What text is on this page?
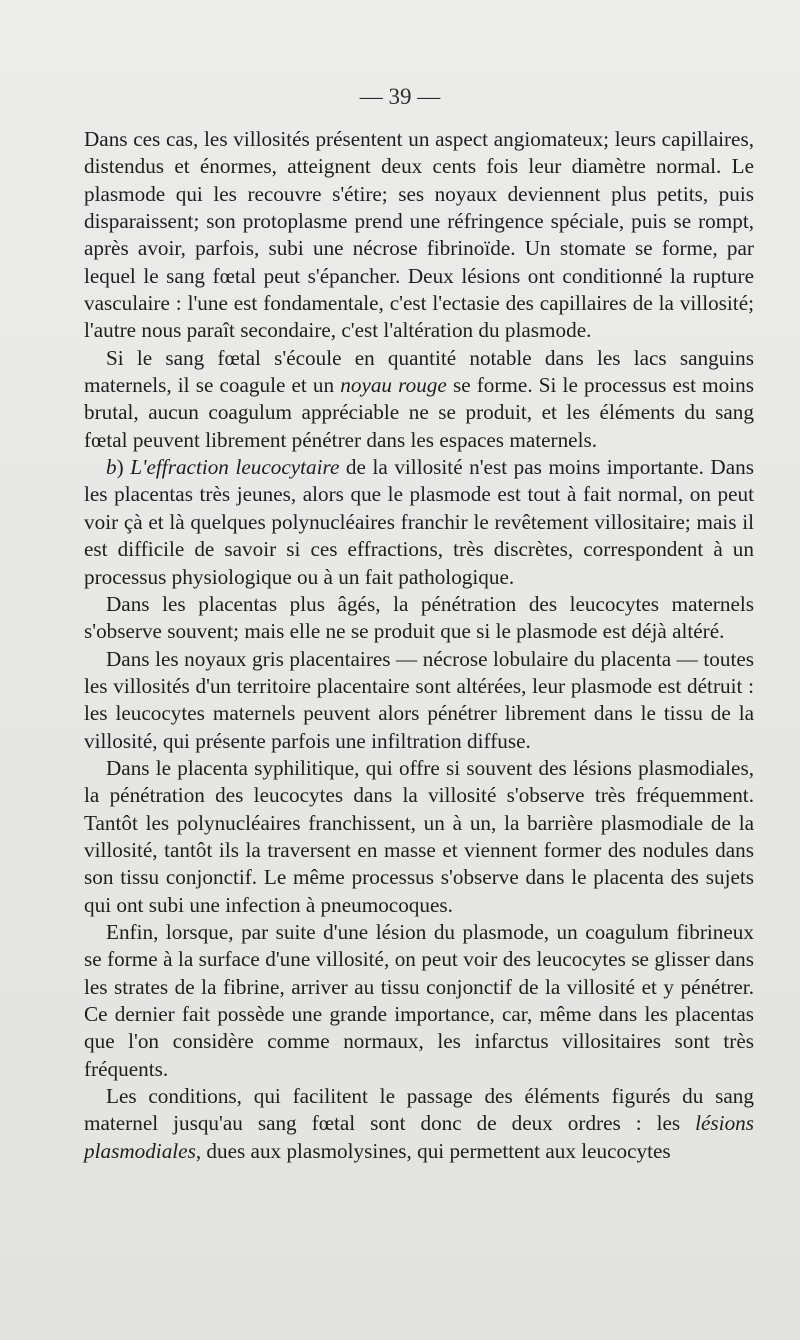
— 39 —

Dans ces cas, les villosités présentent un aspect angiomateux; leurs capillaires, distendus et énormes, atteignent deux cents fois leur diamètre normal. Le plasmode qui les recouvre s'étire; ses noyaux deviennent plus petits, puis disparaissent; son protoplasme prend une réfringence spéciale, puis se rompt, après avoir, parfois, subi une nécrose fibrinoïde. Un stomate se forme, par lequel le sang fœtal peut s'épancher. Deux lésions ont conditionné la rupture vasculaire : l'une est fondamentale, c'est l'ectasie des capillaires de la villosité; l'autre nous paraît secondaire, c'est l'altération du plasmode.

Si le sang fœtal s'écoule en quantité notable dans les lacs sanguins maternels, il se coagule et un noyau rouge se forme. Si le processus est moins brutal, aucun coagulum appréciable ne se produit, et les éléments du sang fœtal peuvent librement pénétrer dans les espaces maternels.

b) L'effraction leucocytaire de la villosité n'est pas moins importante. Dans les placentas très jeunes, alors que le plasmode est tout à fait normal, on peut voir çà et là quelques polynucléaires franchir le revêtement villositaire; mais il est difficile de savoir si ces effractions, très discrètes, correspondent à un processus physiologique ou à un fait pathologique.

Dans les placentas plus âgés, la pénétration des leucocytes maternels s'observe souvent; mais elle ne se produit que si le plasmode est déjà altéré.

Dans les noyaux gris placentaires — nécrose lobulaire du placenta — toutes les villosités d'un territoire placentaire sont altérées, leur plasmode est détruit : les leucocytes maternels peuvent alors pénétrer librement dans le tissu de la villosité, qui présente parfois une infiltration diffuse.

Dans le placenta syphilitique, qui offre si souvent des lésions plasmodiales, la pénétration des leucocytes dans la villosité s'observe très fréquemment. Tantôt les polynucléaires franchissent, un à un, la barrière plasmodiale de la villosité, tantôt ils la traversent en masse et viennent former des nodules dans son tissu conjonctif. Le même processus s'observe dans le placenta des sujets qui ont subi une infection à pneumocoques.

Enfin, lorsque, par suite d'une lésion du plasmode, un coagulum fibrineux se forme à la surface d'une villosité, on peut voir des leucocytes se glisser dans les strates de la fibrine, arriver au tissu conjonctif de la villosité et y pénétrer. Ce dernier fait possède une grande importance, car, même dans les placentas que l'on considère comme normaux, les infarctus villositaires sont très fréquents.

Les conditions, qui facilitent le passage des éléments figurés du sang maternel jusqu'au sang fœtal sont donc de deux ordres : les lésions plasmodiales, dues aux plasmolysines, qui permettent aux leucocytes
